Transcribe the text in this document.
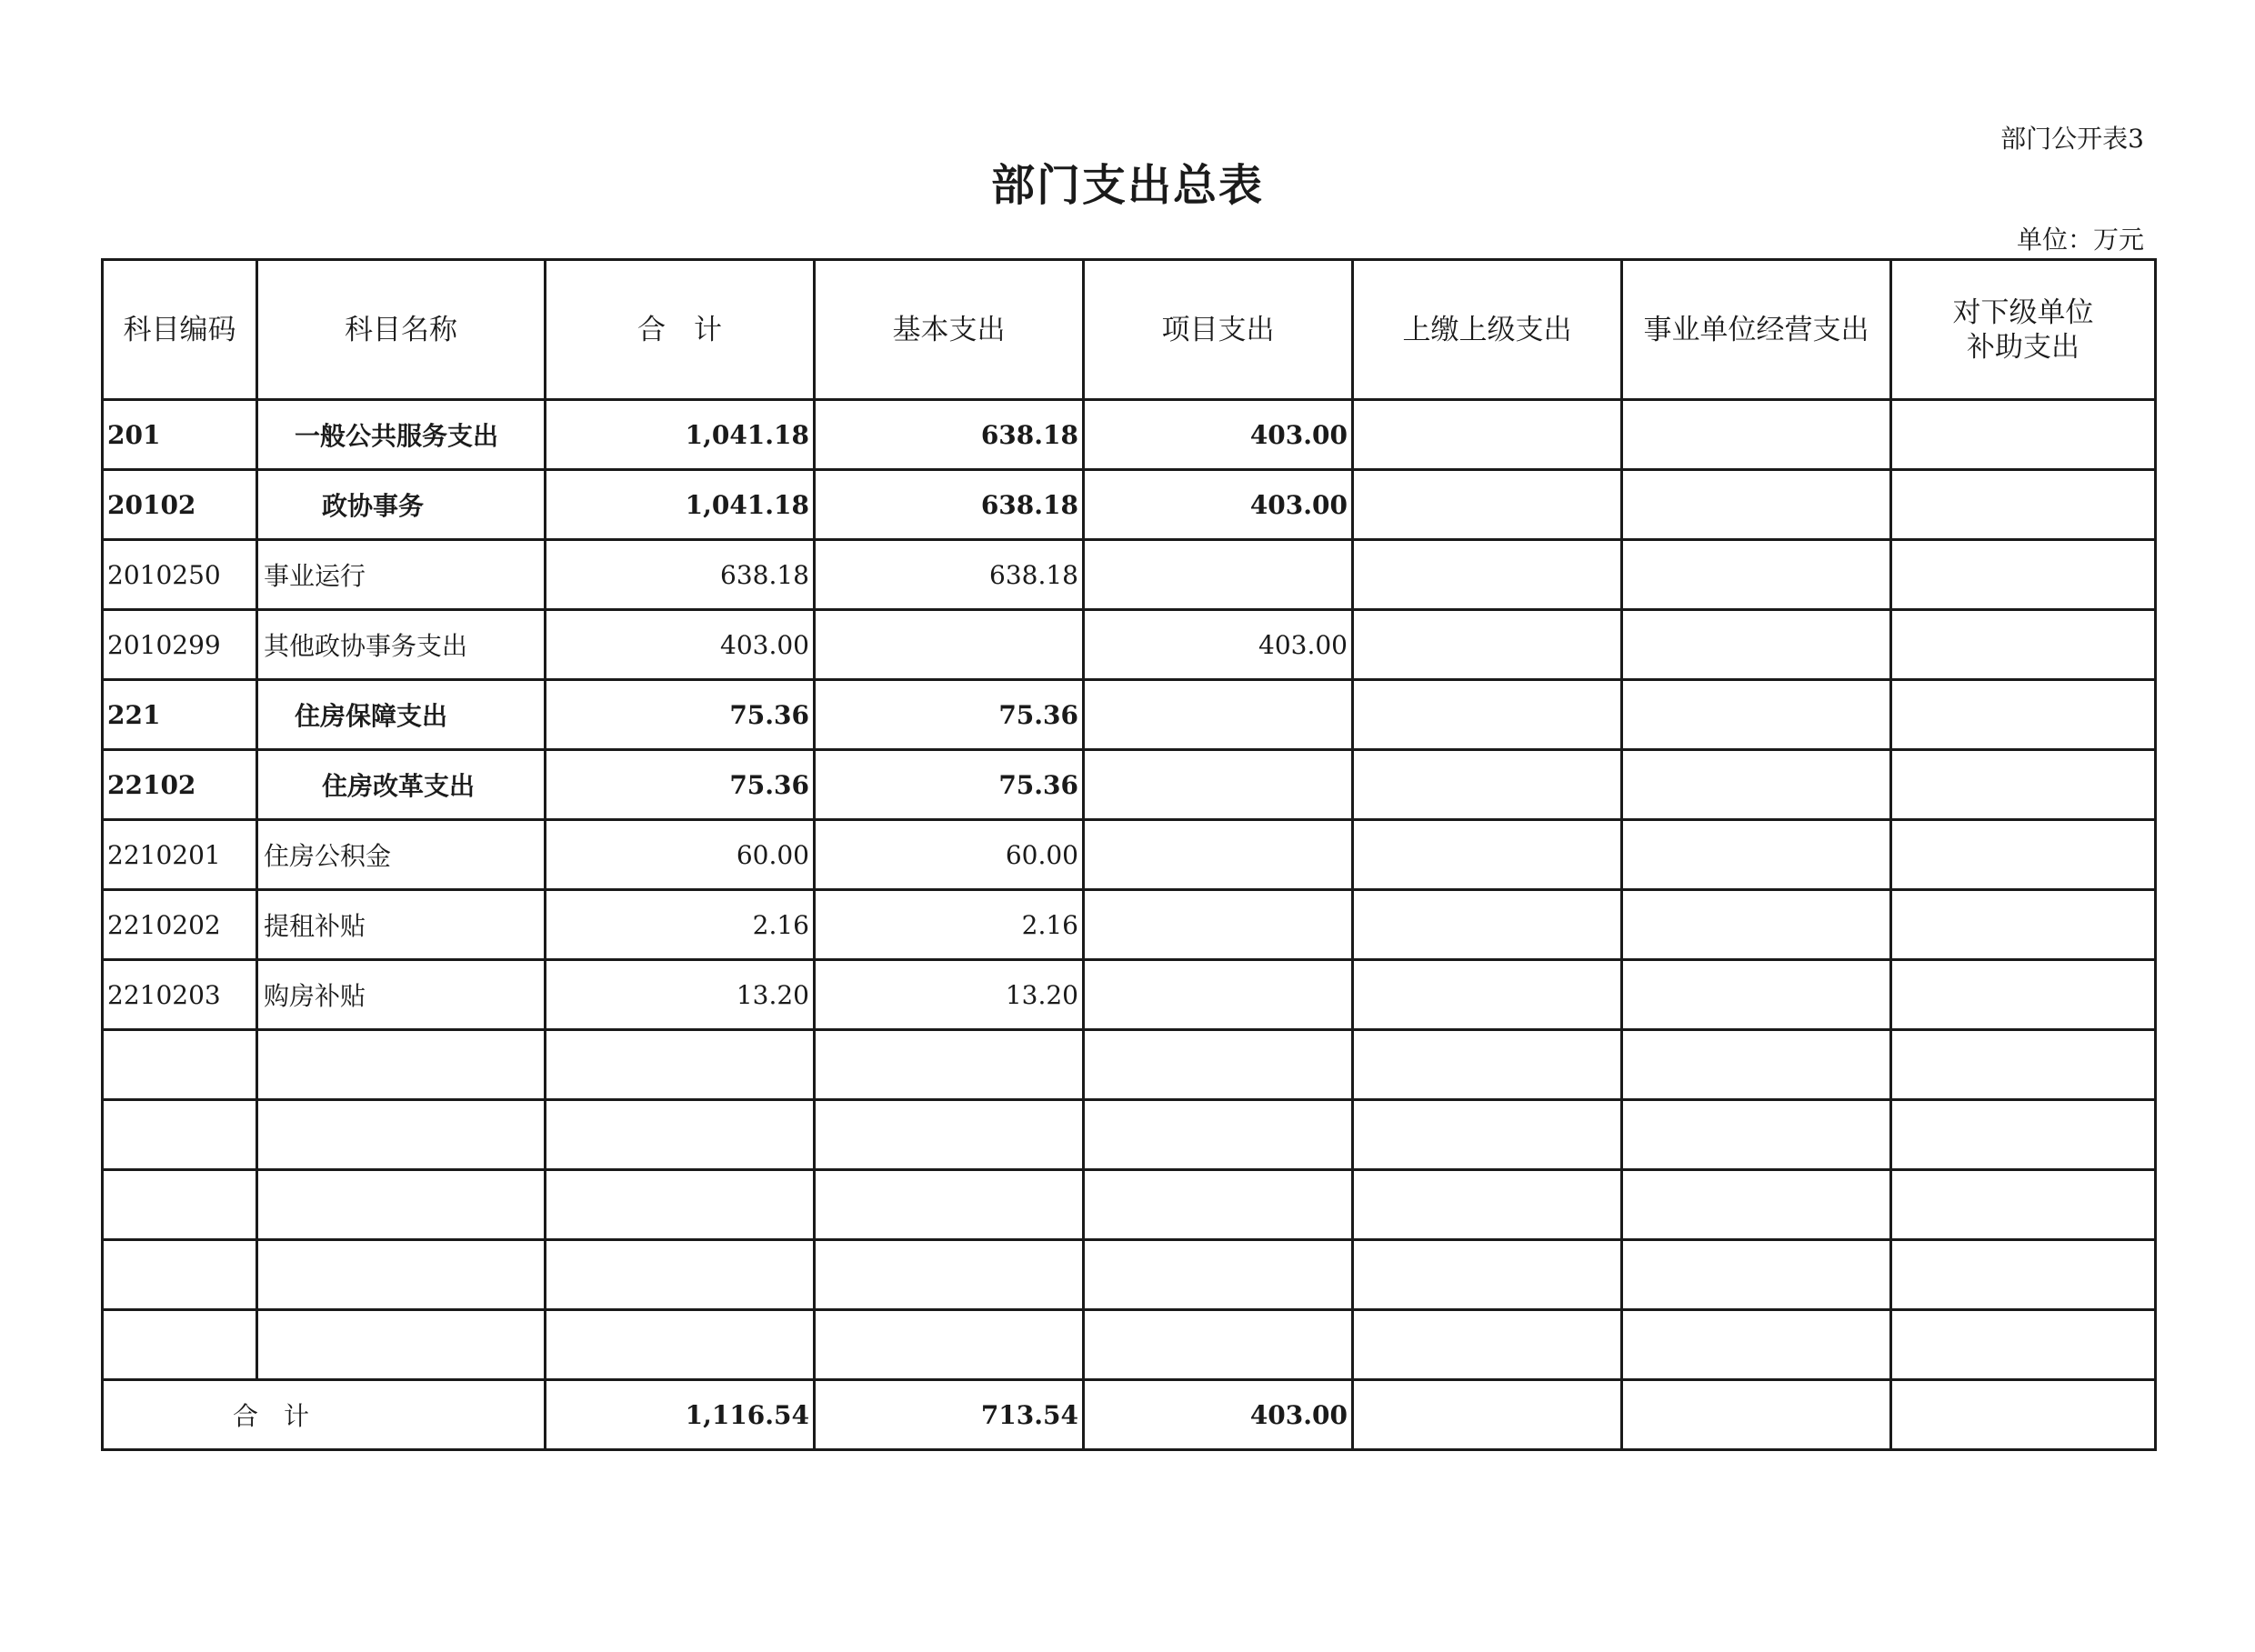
部门公开表3
部门支出总表
单位：万元
科目编码	科目名称	合　计	基本支出	项目支出	上缴上级支出	事业单位经营支出	对下级单位
补助支出

201	一般公共服务支出	1,041.18	638.18	403.00			
20102	政协事务	1,041.18	638.18	403.00			
2010250	事业运行	638.18	638.18				
2010299	其他政协事务支出	403.00		403.00			
221	住房保障支出	75.36	75.36				
22102	住房改革支出	75.36	75.36				
2210201	住房公积金	60.00	60.00				
2210202	提租补贴	2.16	2.16				
2210203	购房补贴	13.20	13.20				

合　计		1,116.54	713.54	403.00			
